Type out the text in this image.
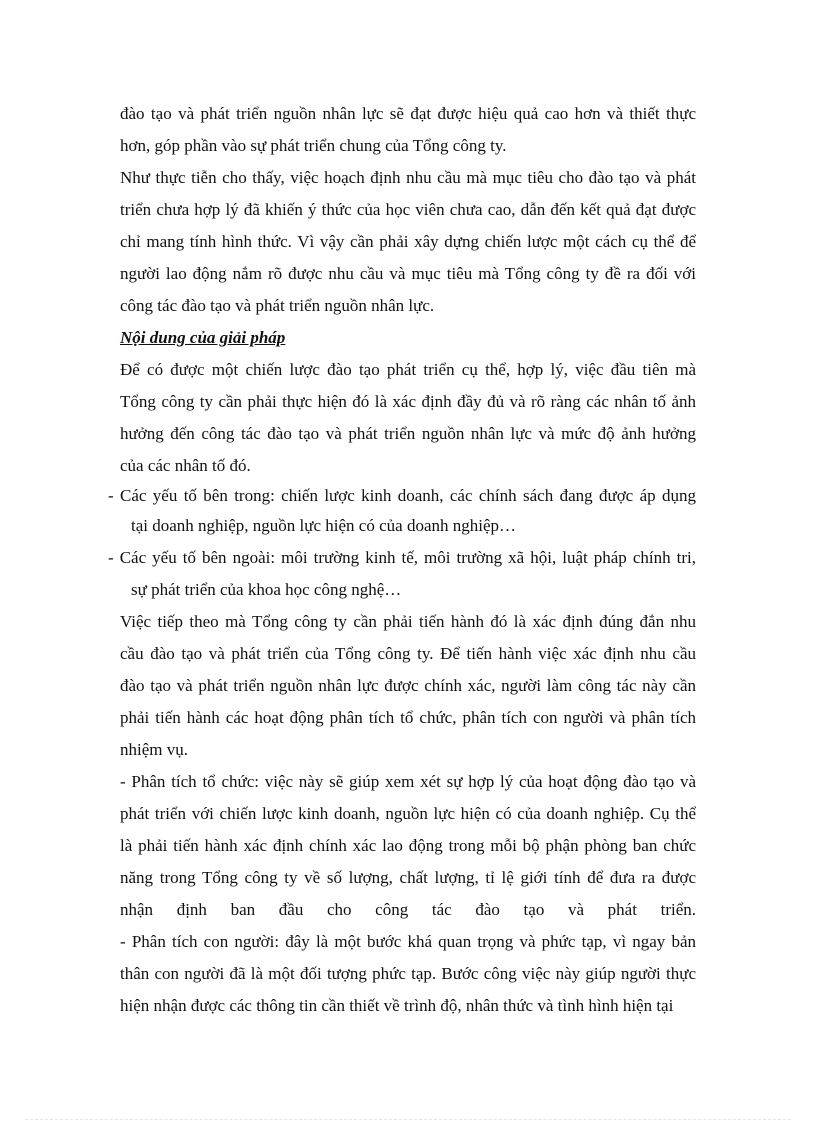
đào tạo và phát triển nguồn nhân lực sẽ đạt được hiệu quả cao hơn và thiết thực
hơn, góp phần vào sự phát triển chung của Tổng công ty.
Như thực tiễn cho thấy, việc hoạch định nhu cầu mà mục tiêu cho đào tạo và phát
triển chưa hợp lý đã khiến ý thức của học viên chưa cao, dẫn đến kết quả đạt được
chỉ mang tính hình thức. Vì vậy cần phải xây dựng chiến lược một cách cụ thể để
người lao động nắm rõ được nhu cầu và mục tiêu mà Tổng công ty đề ra đối với
công tác đào tạo và phát triển nguồn nhân lực.
Nội dung của giải pháp
Để có được một chiến lược đào tạo phát triển cụ thể, hợp lý, việc đầu tiên mà
Tổng công ty cần phải thực hiện đó là xác định đầy đủ và rõ ràng các nhân tố ảnh
hưởng đến công tác đào tạo và phát triển nguồn nhân lực và mức độ ảnh hưởng
của các nhân tố đó.
- Các yếu tố bên trong: chiến lược kinh doanh, các chính sách đang được áp dụng
tại doanh nghiệp, nguồn lực hiện có của doanh nghiệp…
- Các yếu tố bên ngoài: môi trường kinh tế, môi trường xã hội, luật pháp chính tri,
sự phát triển của khoa học công nghệ…
Việc tiếp theo mà Tổng công ty cần phải tiến hành đó là xác định đúng đắn nhu
cầu đào tạo và phát triển của Tổng công ty. Để tiến hành việc xác định nhu cầu
đào tạo và phát triển nguồn nhân lực được chính xác, người làm công tác này cần
phải tiến hành các hoạt động phân tích tổ chức, phân tích con người và phân tích
nhiệm vụ.
- Phân tích tổ chức: việc này sẽ giúp xem xét sự hợp lý của hoạt động đào tạo và
phát triển với chiến lược kinh doanh, nguồn lực hiện có của doanh nghiệp. Cụ thể
là phải tiến hành xác định chính xác lao động trong mỗi bộ phận phòng ban chức
năng trong Tổng công ty về số lượng, chất lượng, tỉ lệ giới tính để đưa ra được
nhận định ban đầu cho công tác đào tạo và phát triển.
- Phân tích con người: đây là một bước khá quan trọng và phức tạp, vì ngay bản
thân con người đã là một đối tượng phức tạp. Bước công việc này giúp người thực
hiện nhận được các thông tin cần thiết về trình độ, nhân thức và tình hình hiện tại
